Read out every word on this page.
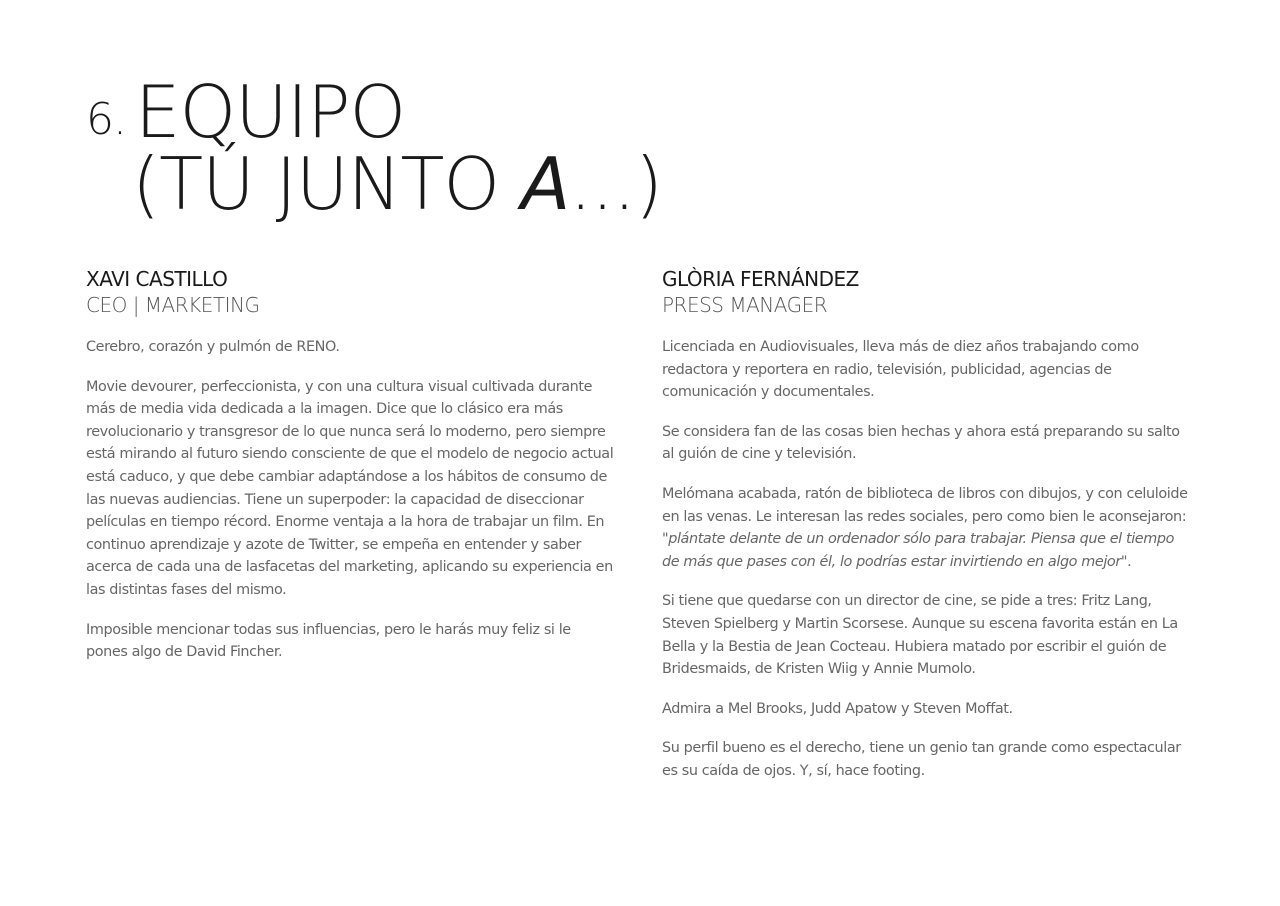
6. EQUIPO
(TÚ JUNTO A...)

XAVI CASTILLO

CEO | MARKETING

Cerebro, corazón y pulmón de RENO.

Movie devourer, perfeccionista, y con una cultura visual cultivada durante más de media vida dedicada a la imagen. Dice que lo clásico era más revolucionario y transgresor de lo que nunca será lo moderno, pero siempre está mirando al futuro siendo consciente de que el modelo de negocio actual está caduco, y que debe cambiar adaptándose a los hábitos de consumo de las nuevas audiencias. Tiene un superpoder: la capacidad de diseccionar películas en tiempo récord. Enorme ventaja a la hora de trabajar un film. En continuo aprendizaje y azote de Twitter, se empeña en entender y saber acerca de cada una de lasfacetas del marketing, aplicando su experiencia en las distintas fases del mismo.

Imposible mencionar todas sus influencias, pero le harás muy feliz si le pones algo de David Fincher.

GLÒRIA FERNÁNDEZ

PRESS MANAGER

Licenciada en Audiovisuales, lleva más de diez años trabajando como redactora y reportera en radio, televisión, publicidad, agencias de comunicación y documentales.

Se considera fan de las cosas bien hechas y ahora está preparando su salto al guión de cine y televisión.

Melómana acabada, ratón de biblioteca de libros con dibujos, y con celuloide en las venas. Le interesan las redes sociales, pero como bien le aconsejaron: "plántate delante de un ordenador sólo para trabajar. Piensa que el tiempo de más que pases con él, lo podrías estar invirtiendo en algo mejor".

Si tiene que quedarse con un director de cine, se pide a tres: Fritz Lang, Steven Spielberg y Martin Scorsese. Aunque su escena favorita están en La Bella y la Bestia de Jean Cocteau. Hubiera matado por escribir el guión de Bridesmaids, de Kristen Wiig y Annie Mumolo.

Admira a Mel Brooks, Judd Apatow y Steven Moffat.

Su perfil bueno es el derecho, tiene un genio tan grande como espectacular es su caída de ojos. Y, sí, hace footing.
